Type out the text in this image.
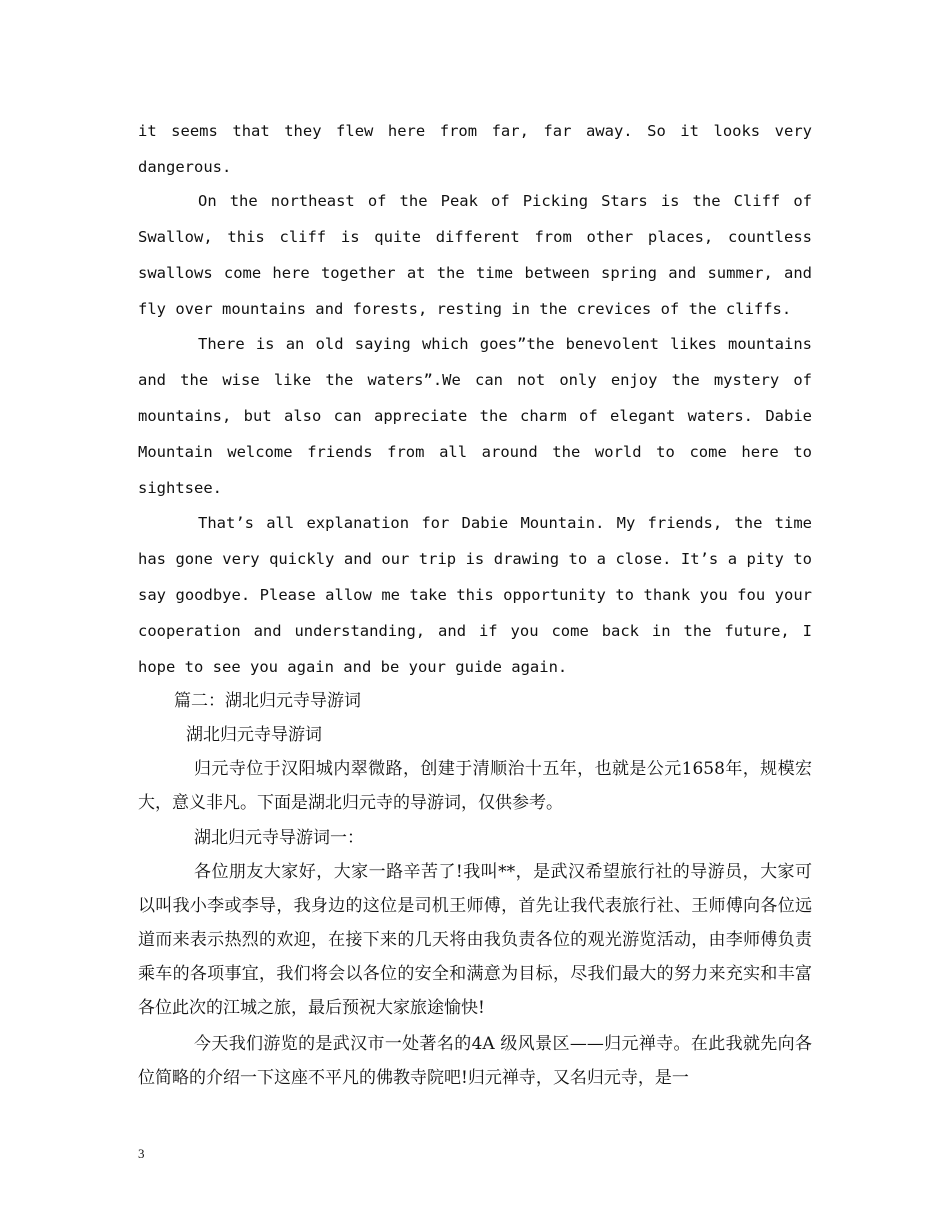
it seems that they flew here from far, far away. So it looks very dangerous.

On the northeast of the Peak of Picking Stars is the Cliff of Swallow, this cliff is quite different from other places, countless swallows come here together at the time between spring and summer, and fly over mountains and forests, resting in the crevices of the cliffs.

There is an old saying which goes”the benevolent likes mountains and the wise like the waters”.We can not only enjoy the mystery of mountains, but also can appreciate the charm of elegant waters. Dabie Mountain welcome friends from all around the world to come here to sightsee.

That’s all explanation for Dabie Mountain. My friends, the time has gone very quickly and our trip is drawing to a close. It’s a pity to say goodbye. Please allow me take this opportunity to thank you fou your cooperation and understanding, and if you come back in the future, I hope to see you again and be your guide again.

篇二：湖北归元寺导游词

湖北归元寺导游词

归元寺位于汉阳城内翠微路，创建于清顺治十五年，也就是公元1658年，规模宏大，意义非凡。下面是湖北归元寺的导游词，仅供参考。

湖北归元寺导游词一：

各位朋友大家好，大家一路辛苦了!我叫**，是武汉希望旅行社的导游员，大家可以叫我小李或李导，我身边的这位是司机王师傅，首先让我代表旅行社、王师傅向各位远道而来表示热烈的欢迎，在接下来的几天将由我负责各位的观光游览活动，由李师傅负责乘车的各项事宜，我们将会以各位的安全和满意为目标，尽我们最大的努力来充实和丰富各位此次的江城之旅，最后预祝大家旅途愉快!

今天我们游览的是武汉市一处著名的4A 级风景区——归元禅寺。在此我就先向各位简略的介绍一下这座不平凡的佛教寺院吧!归元禅寺，又名归元寺，是一

3
